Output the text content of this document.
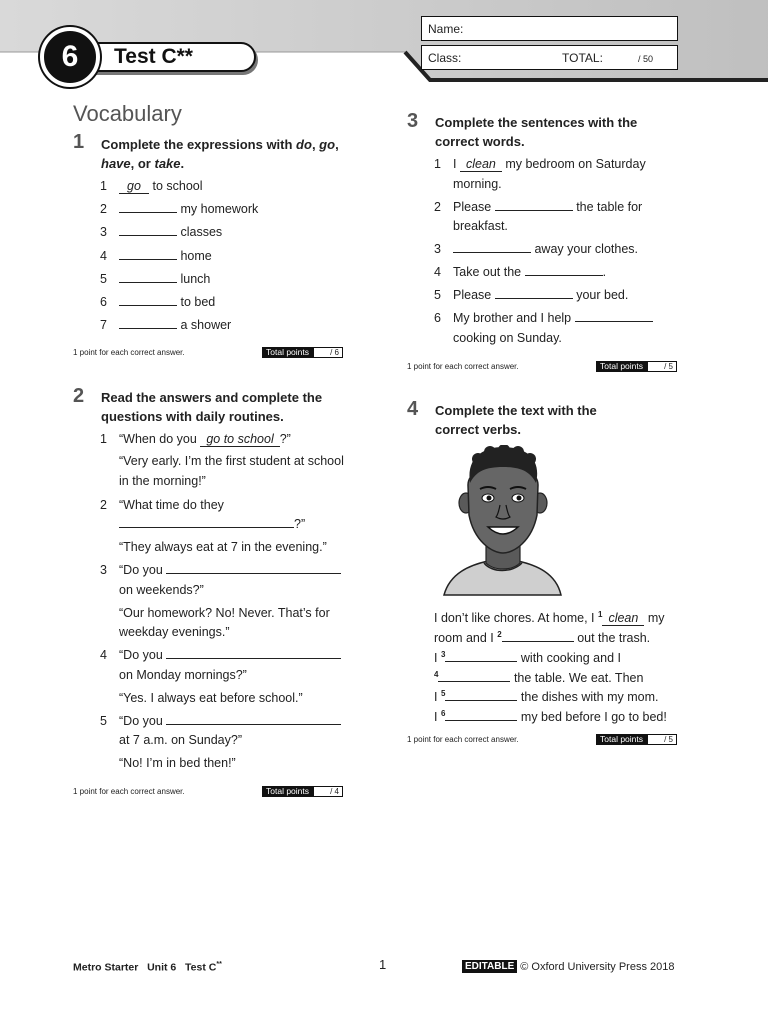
Test C**
6
Name:
Class:	TOTAL:	/ 50
Vocabulary
1 Complete the expressions with do, go,
have, or take.
1 go to school
2	my homework
3	classes
4	home
5	lunch
6	to bed
7	a shower
1 point for each correct answer.	Total points	/ 6
2 Read the answers and complete the
questions with daily routines.
1 “When do you go to school ?”
“Very early. I’m the first student at school
in the morning!”
2 “What time do they
?”
“They always eat at 7 in the evening.”
3 “Do you
on weekends?”
“Our homework? No! Never. That’s for
weekday evenings.”
4 “Do you
on Monday mornings?”
“Yes. I always eat before school.”
5 “Do you
at 7 a.m. on Sunday?”
“No! I’m in bed then!”
1 point for each correct answer.	Total points	/ 4
3 Complete the sentences with the
correct words.
1 I clean my bedroom on Saturday
morning.
2 Please	the table for
breakfast.
3	away your clothes.
4 Take out the	.
5 Please	your bed.
6 My brother and I help
cooking on Sunday.
1 point for each correct answer.	Total points	/ 5
4 Complete the text with the
correct verbs.
I don’t like chores. At home, I $^1$ clean my
room and I $^2$	out the trash.
I $^3$	with cooking and I
$^4$	the table. We eat. Then
I $^5$	the dishes with my mom.
I $^6$	my bed before I go to bed!
1 point for each correct answer.	Total points	/ 5
Metro Starter   Unit 6   Test C**	1	EDITABLE © Oxford University Press 2018
